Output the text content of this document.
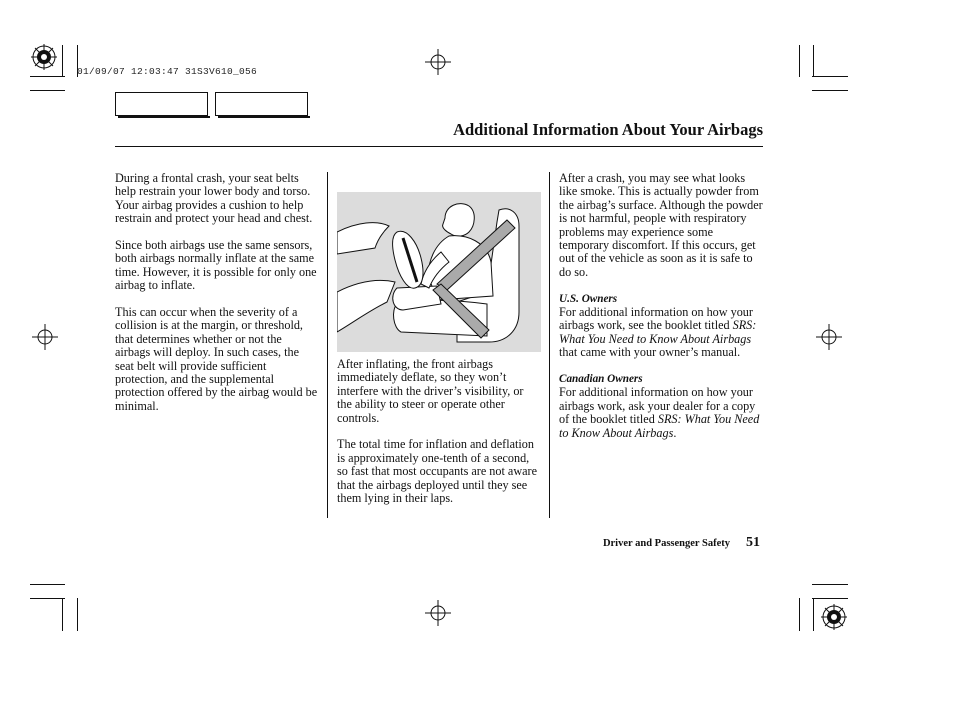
01/09/07 12:03:47 31S3V610_056
Additional Information About Your Airbags

During a frontal crash, your seat belts help restrain your lower body and torso. Your airbag provides a cushion to help restrain and protect your head and chest.

Since both airbags use the same sensors, both airbags normally inflate at the same time. However, it is possible for only one airbag to inflate.

This can occur when the severity of a collision is at the margin, or threshold, that determines whether or not the airbags will deploy. In such cases, the seat belt will provide sufficient protection, and the supplemental protection offered by the airbag would be minimal.

After inflating, the front airbags immediately deflate, so they won’t interfere with the driver’s visibility, or the ability to steer or operate other controls.

The total time for inflation and deflation is approximately one-tenth of a second, so fast that most occupants are not aware that the airbags deployed until they see them lying in their laps.

After a crash, you may see what looks like smoke. This is actually powder from the airbag’s surface. Although the powder is not harmful, people with respiratory problems may experience some temporary discomfort. If this occurs, get out of the vehicle as soon as it is safe to do so.

U.S. Owners

For additional information on how your airbags work, see the booklet titled SRS: What You Need to Know About Airbags that came with your owner’s manual.

Canadian Owners

For additional information on how your airbags work, ask your dealer for a copy of the booklet titled SRS: What You Need to Know About Airbags.

Driver and Passenger Safety 51
